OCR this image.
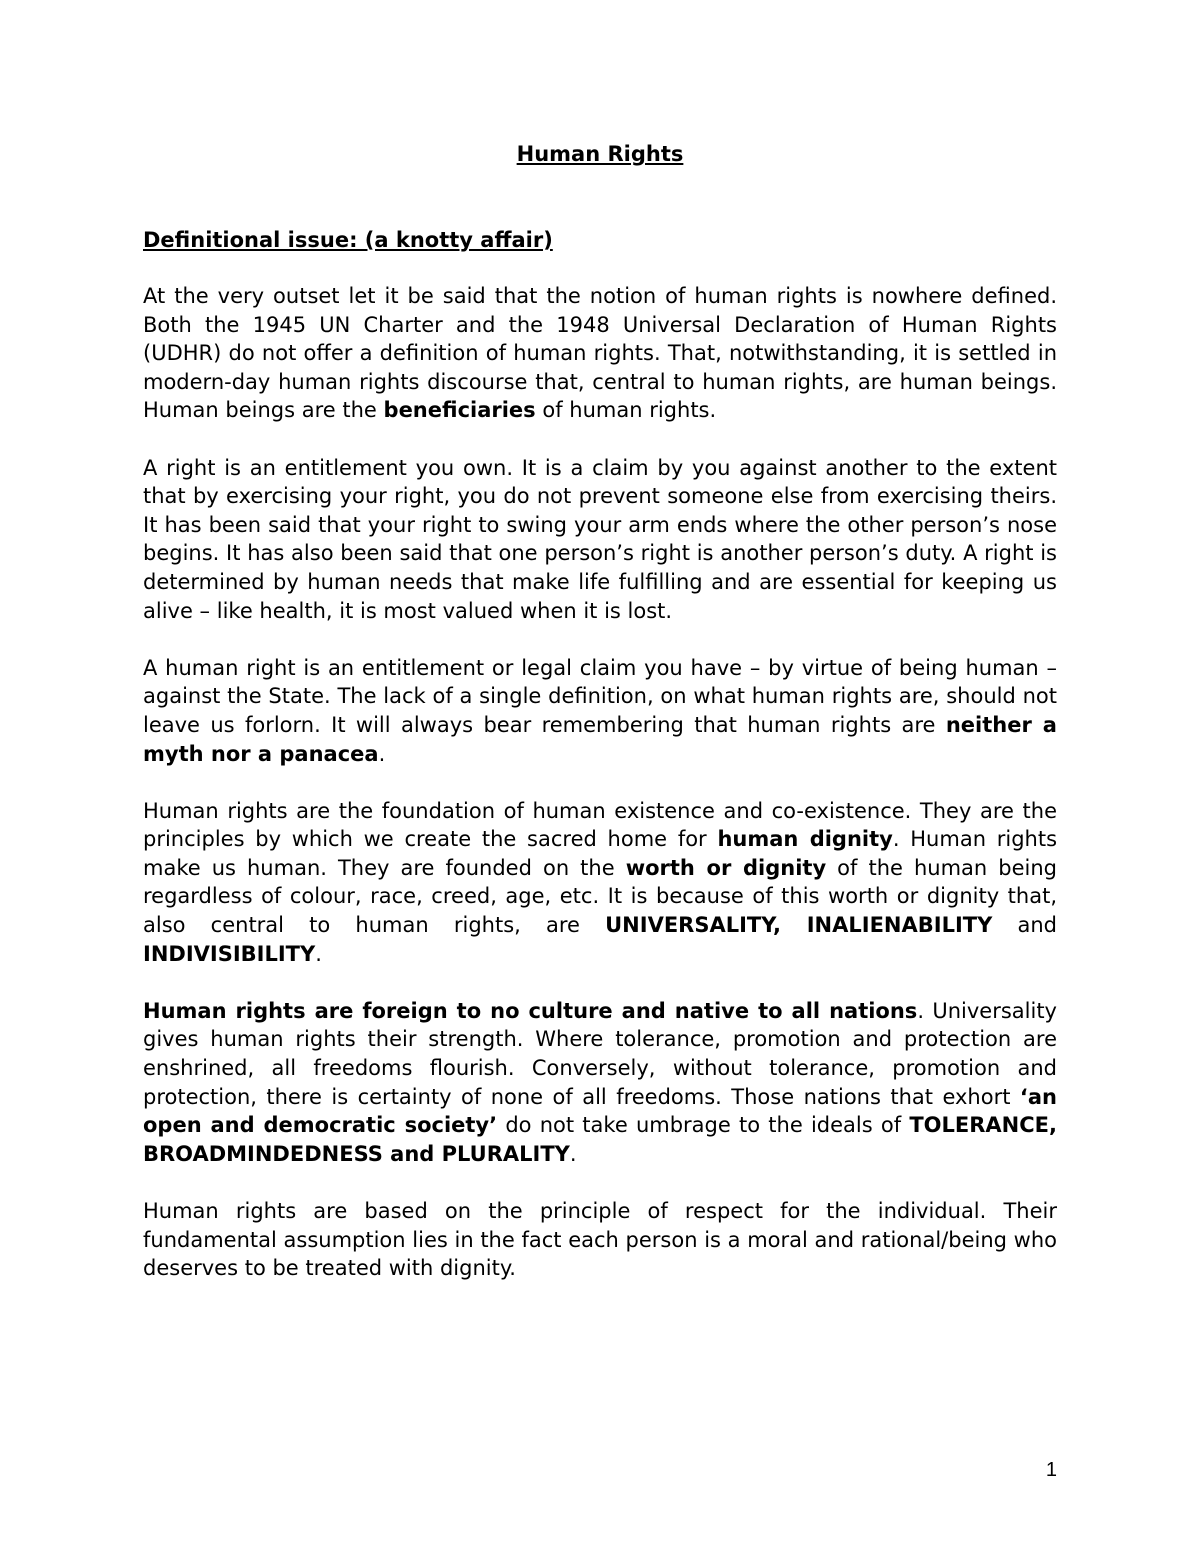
Human Rights
Definitional issue: (a knotty affair)

At the very outset let it be said that the notion of human rights is nowhere defined. Both the 1945 UN Charter and the 1948 Universal Declaration of Human Rights (UDHR) do not offer a definition of human rights. That, notwithstanding, it is settled in modern-day human rights discourse that, central to human rights, are human beings. Human beings are the beneficiaries of human rights.

A right is an entitlement you own. It is a claim by you against another to the extent that by exercising your right, you do not prevent someone else from exercising theirs. It has been said that your right to swing your arm ends where the other person’s nose begins. It has also been said that one person’s right is another person’s duty. A right is determined by human needs that make life fulfilling and are essential for keeping us alive – like health, it is most valued when it is lost.

A human right is an entitlement or legal claim you have – by virtue of being human – against the State. The lack of a single definition, on what human rights are, should not leave us forlorn. It will always bear remembering that human rights are neither a myth nor a panacea.

Human rights are the foundation of human existence and co-existence. They are the principles by which we create the sacred home for human dignity. Human rights make us human. They are founded on the worth or dignity of the human being regardless of colour, race, creed, age, etc. It is because of this worth or dignity that, also central to human rights, are UNIVERSALITY, INALIENABILITY and INDIVISIBILITY.

Human rights are foreign to no culture and native to all nations. Universality gives human rights their strength. Where tolerance, promotion and protection are enshrined, all freedoms flourish. Conversely, without tolerance, promotion and protection, there is certainty of none of all freedoms. Those nations that exhort ‘an open and democratic society’ do not take umbrage to the ideals of TOLERANCE, BROADMINDEDNESS and PLURALITY.

Human rights are based on the principle of respect for the individual. Their fundamental assumption lies in the fact each person is a moral and rational/being who deserves to be treated with dignity.

1
